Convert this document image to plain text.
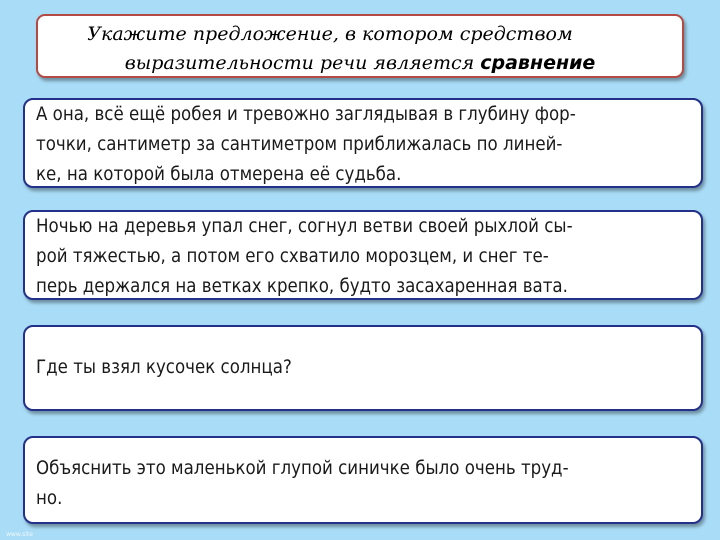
Укажите предложение, в котором средством
выразительности речи является сравнение
А она, всё ещё робея и тревожно заглядывая в глубину фор-
точки, сантиметр за сантиметром приближалась по линей-
ке, на которой была отмерена её судьба.
Ночью на деревья упал снег, согнул ветви своей рыхлой сы-
рой тяжестью, а потом его схватило морозцем, и снег те-
перь держался на ветках крепко, будто засахаренная вата.
Где ты взял кусочек солнца?
Объяснить это маленькой глупой синичке было очень труд-
но.
www.site
